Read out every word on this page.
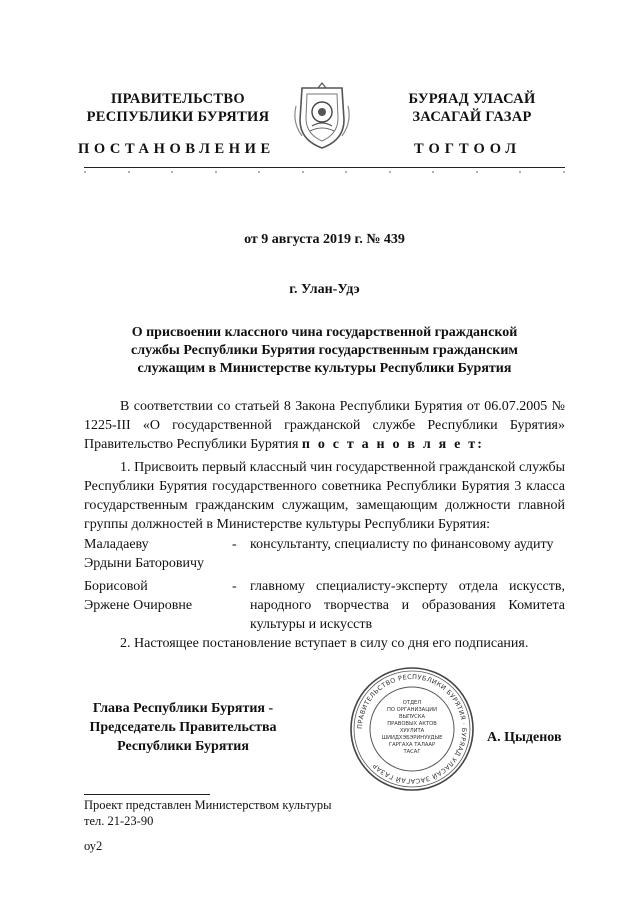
ПРАВИТЕЛЬСТВО
РЕСПУБЛИКИ БУРЯТИЯ
БУРЯАД УЛАСАЙ
ЗАСАГАЙ ГАЗАР
ПОСТАНОВЛЕНИЕ	ТОГТООЛ
от 9 августа 2019 г. № 439
г. Улан-Удэ
О присвоении классного чина государственной гражданской
службы Республики Бурятия государственным гражданским
служащим в Министерстве культуры Республики Бурятия
В соответствии со статьей 8 Закона Республики Бурятия от 06.07.2005 № 1225-III «О государственной гражданской службе Республики Бурятия» Правительство Республики Бурятия п о с т а н о в л я е т:
1. Присвоить первый классный чин государственной гражданской службы Республики Бурятия государственного советника Республики Бурятия 3 класса государственным гражданским служащим, замещающим должности главной группы должностей в Министерстве культуры Республики Бурятия:
Маладаеву
Эрдыни Баторовичу
- консультанту, специалисту по финансовому аудиту
Борисовой
Эржене Очировне
- главному специалисту-эксперту отдела искусств, народного творчества и образования Комитета культуры и искусств
2. Настоящее постановление вступает в силу со дня его подписания.
Глава Республики Бурятия -
Председатель Правительства
Республики Бурятия
ПРАВИТЕЛЬСТВО РЕСПУБЛИКИ БУРЯТИЯ · БУРЯАД УЛАСАЙ ЗАСАГАЙ ГАЗАР
ОТДЕЛ
ПО ОРГАНИЗАЦИИ
ВЫПУСКА
ПРАВОВЫХ АКТОВ
ХУУЛИТА
ШИИДХЭБЭРИНУУДЫЕ
ГАРГАХА ТАЛААР
ТАСАГ
А. Цыденов
Проект представлен Министерством культуры
тел. 21-23-90
оу2
